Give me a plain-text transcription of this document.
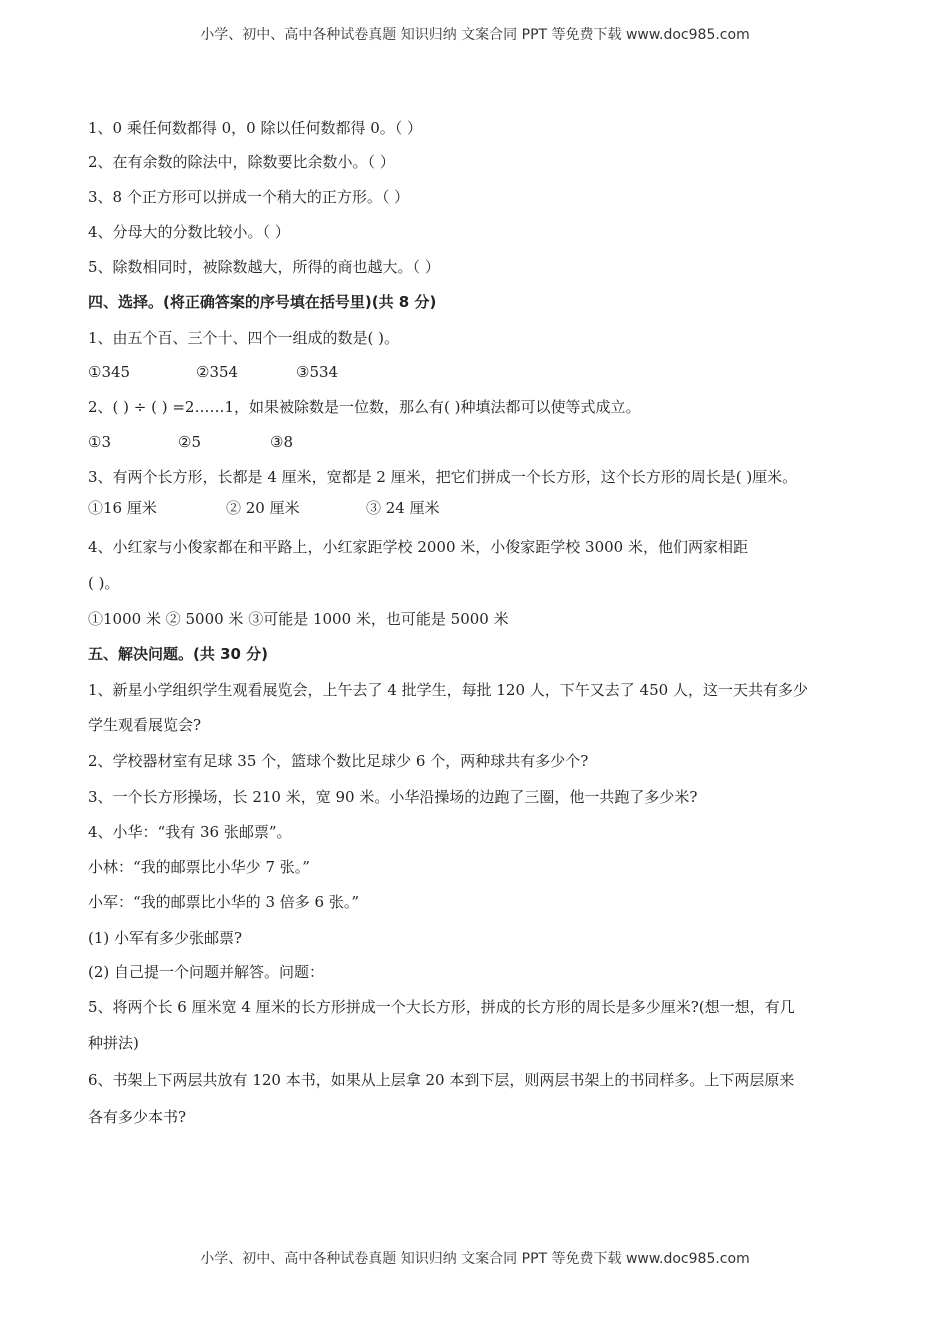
小学、初中、高中各种试卷真题 知识归纳 文案合同 PPT 等免费下载 www.doc985.com
1、0 乘任何数都得 0，0 除以任何数都得 0。（ ）
2、在有余数的除法中，除数要比余数小。（ ）
3、8 个正方形可以拼成一个稍大的正方形。（ ）
4、分母大的分数比较小。（ ）
5、除数相同时，被除数越大，所得的商也越大。（ ）
四、选择。(将正确答案的序号填在括号里)(共 8 分)
1、由五个百、三个十、四个一组成的数是( )。
①345	②354	③534
2、( ) ÷ ( ) =2……1，如果被除数是一位数，那么有( )种填法都可以使等式成立。
①3	②5	③8
3、有两个长方形，长都是 4 厘米，宽都是 2 厘米，把它们拼成一个长方形，这个长方形的周长是( )厘米。
①16 厘米	② 20 厘米	③ 24 厘米
4、小红家与小俊家都在和平路上，小红家距学校 2000 米，小俊家距学校 3000 米，他们两家相距
( )。
①1000 米 ② 5000 米 ③可能是 1000 米，也可能是 5000 米
五、解决问题。(共 30 分)
1、新星小学组织学生观看展览会，上午去了 4 批学生，每批 120 人，下午又去了 450 人，这一天共有多少
学生观看展览会?
2、学校器材室有足球 35 个，篮球个数比足球少 6 个，两种球共有多少个?
3、一个长方形操场，长 210 米，宽 90 米。小华沿操场的边跑了三圈，他一共跑了多少米?
4、小华：“我有 36 张邮票”。
小林：“我的邮票比小华少 7 张。”
小军：“我的邮票比小华的 3 倍多 6 张。”
(1) 小军有多少张邮票?
(2) 自己提一个问题并解答。问题：
5、将两个长 6 厘米宽 4 厘米的长方形拼成一个大长方形，拼成的长方形的周长是多少厘米?(想一想，有几
种拼法)
6、书架上下两层共放有 120 本书，如果从上层拿 20 本到下层，则两层书架上的书同样多。上下两层原来
各有多少本书?
小学、初中、高中各种试卷真题 知识归纳 文案合同 PPT 等免费下载 www.doc985.com
